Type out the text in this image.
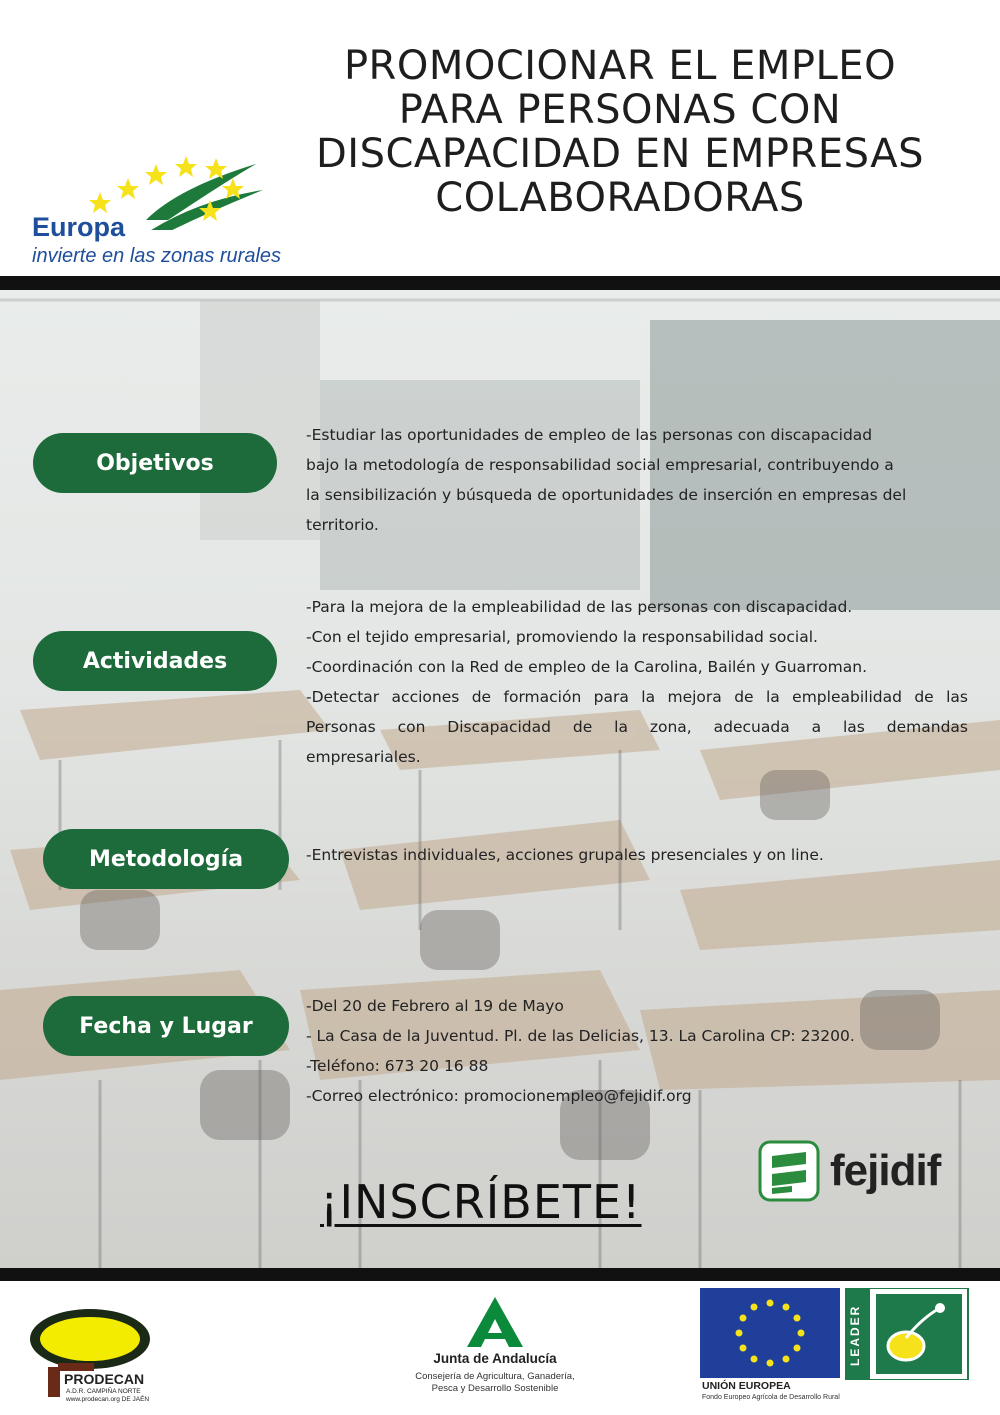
Europa
invierte en las zonas rurales
PROMOCIONAR EL EMPLEO
PARA PERSONAS CON
DISCAPACIDAD EN EMPRESAS
COLABORADORAS
Objetivos
-Estudiar las oportunidades de empleo de las personas con discapacidad
bajo la metodología de responsabilidad social empresarial, contribuyendo a
la sensibilización y búsqueda de oportunidades de inserción en empresas del
territorio.
Actividades
-Para la mejora de la empleabilidad de las personas con discapacidad.
-Con el tejido empresarial, promoviendo la responsabilidad social.
-Coordinación con la Red de empleo de la Carolina, Bailén y Guarroman.
-Detectar acciones de formación para la mejora de la empleabilidad de las
Personas con Discapacidad de la zona, adecuada a las demandas
empresariales.
Metodología	-Entrevistas individuales, acciones grupales presenciales y on line.
Fecha y Lugar
-Del 20 de Febrero al 19 de Mayo
- La Casa de la Juventud. Pl. de las Delicias, 13. La Carolina CP: 23200.
-Teléfono: 673 20 16 88
-Correo electrónico: promocionempleo@fejidif.org
fejidif
¡INSCRÍBETE!
PRODECAN
A.D.R. CAMPIÑA NORTE
www.prodecan.org DE JAÉN
Junta de Andalucía
Consejería de Agricultura, Ganadería,
Pesca y Desarrollo Sostenible
LEADER
UNIÓN EUROPEA
Fondo Europeo Agrícola de Desarrollo Rural
